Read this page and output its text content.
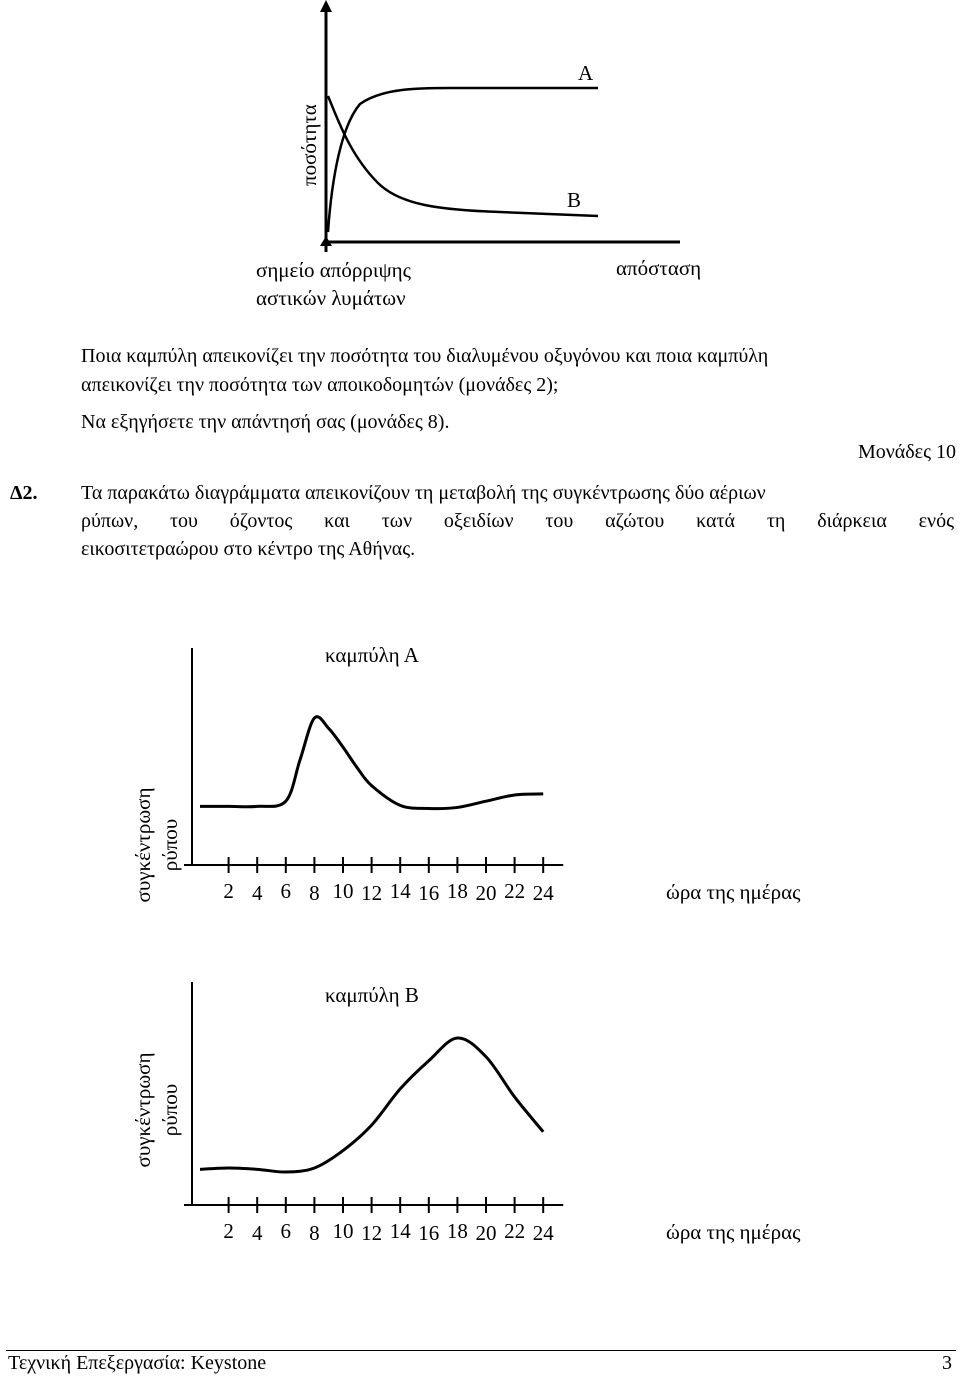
ποσότητα
Α
Β
απόσταση
σημείο απόρριψης
αστικών λυμάτων
Ποια καμπύλη απεικονίζει την ποσότητα του διαλυμένου οξυγόνου και ποια καμπύλη
απεικονίζει την ποσότητα των αποικοδομητών (μονάδες 2);
Να εξηγήσετε την απάντησή σας (μονάδες 8).
Μονάδες 10
Δ2. Τα παρακάτω διαγράμματα απεικονίζουν τη μεταβολή της συγκέντρωσης δύο αέριων
ρύπων, του όζοντος και των οξειδίων του αζώτου κατά τη διάρκεια ενός
εικοσιτετραώρου στο κέντρο της Αθήνας.
καμπύλη Α
συγκέντρωση ρύπου
ώρα της ημέρας
2 4 6 8 10 12 14 16 18 20 22 24
καμπύλη Β
συγκέντρωση ρύπου
ώρα της ημέρας
2 4 6 8 10 12 14 16 18 20 22 24
Τεχνική Επεξεργασία: Keystone	3
